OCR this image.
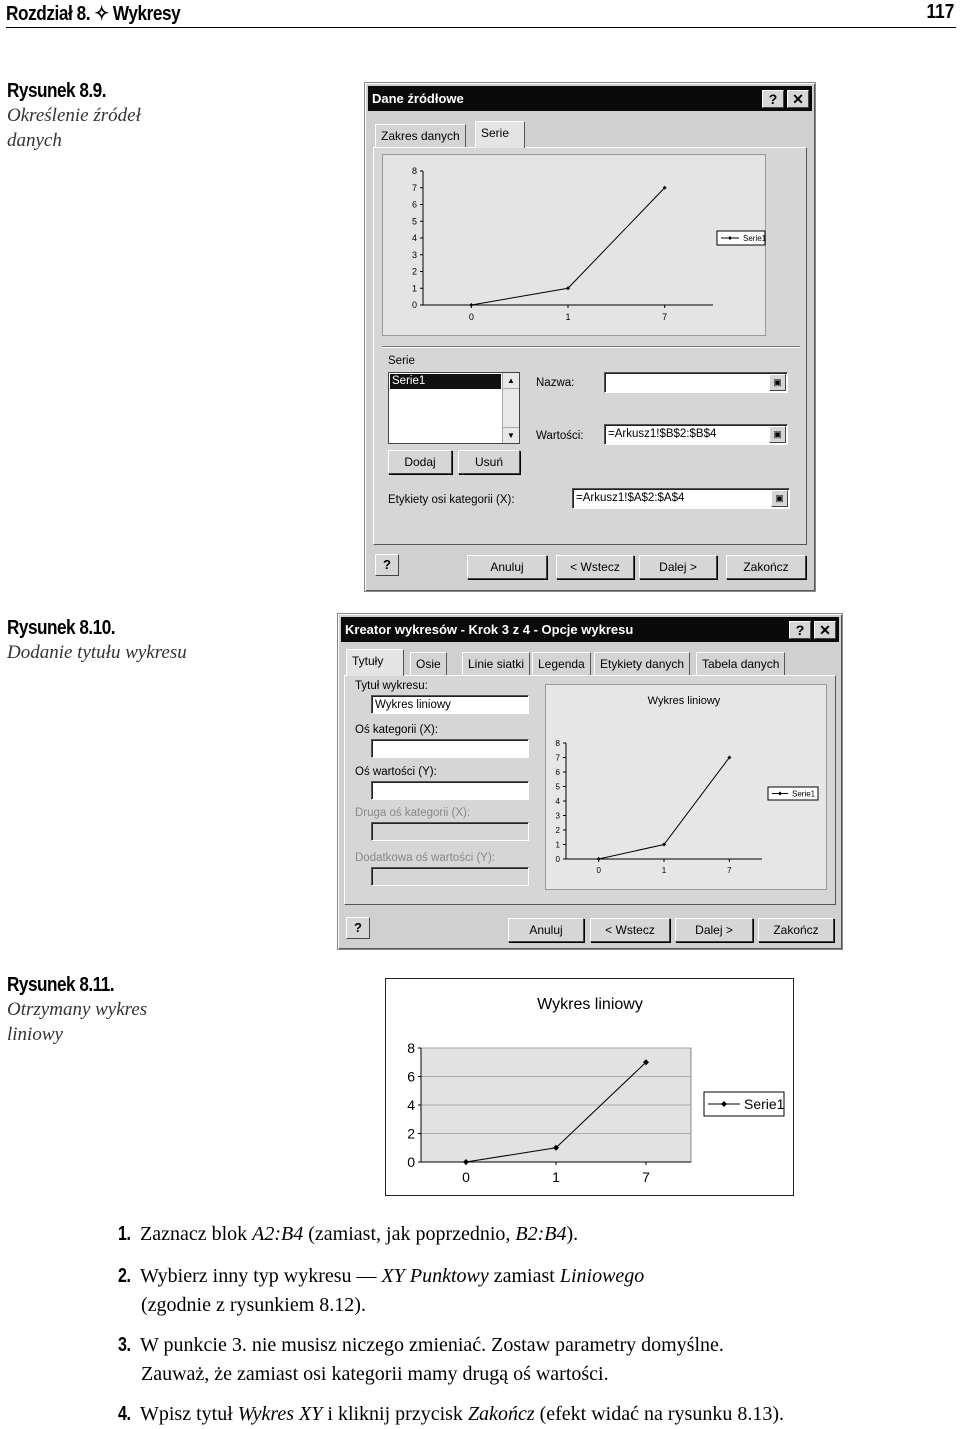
Rozdział 8. ✧ Wykresy	117
Rysunek 8.9.
Określenie źródeł
danych
Dane źródłowe	?	✕
Zakres danych	Serie
0
1
2
3
4
5
6
7
8
0	1	7
Serie1
Serie
Serie1	▲
▼
Dodaj	Usuń
Nazwa:	▣
Wartości:	=Arkusz1!$B$2:$B$4	▣
Etykiety osi kategorii (X):	=Arkusz1!$A$2:$A$4	▣
?	Anuluj	< Wstecz	Dalej >	Zakończ
Rysunek 8.10.
Dodanie tytułu wykresu
Kreator wykresów - Krok 3 z 4 - Opcje wykresu	?	✕
Tytuły	Osie	Linie siatki	Legenda	Etykiety danych	Tabela danych
Tytuł wykresu:
Wykres liniowy
Oś kategorii (X):
Oś wartości (Y):
Druga oś kategorii (X):
Dodatkowa oś wartości (Y):
Wykres liniowy
0
1
2
3
4
5
6
7
8
0	1	7
Serie1
?	Anuluj	< Wstecz	Dalej >	Zakończ
Rysunek 8.11.
Otrzymany wykres
liniowy
Wykres liniowy
0
2
4
6
8
0	1	7
Serie1
1. Zaznacz blok A2:B4 (zamiast, jak poprzednio, B2:B4).
2. Wybierz inny typ wykresu — XY Punktowy zamiast Liniowego
(zgodnie z rysunkiem 8.12).
3. W punkcie 3. nie musisz niczego zmieniać. Zostaw parametry domyślne.
Zauważ, że zamiast osi kategorii mamy drugą oś wartości.
4. Wpisz tytuł Wykres XY i kliknij przycisk Zakończ (efekt widać na rysunku 8.13).
